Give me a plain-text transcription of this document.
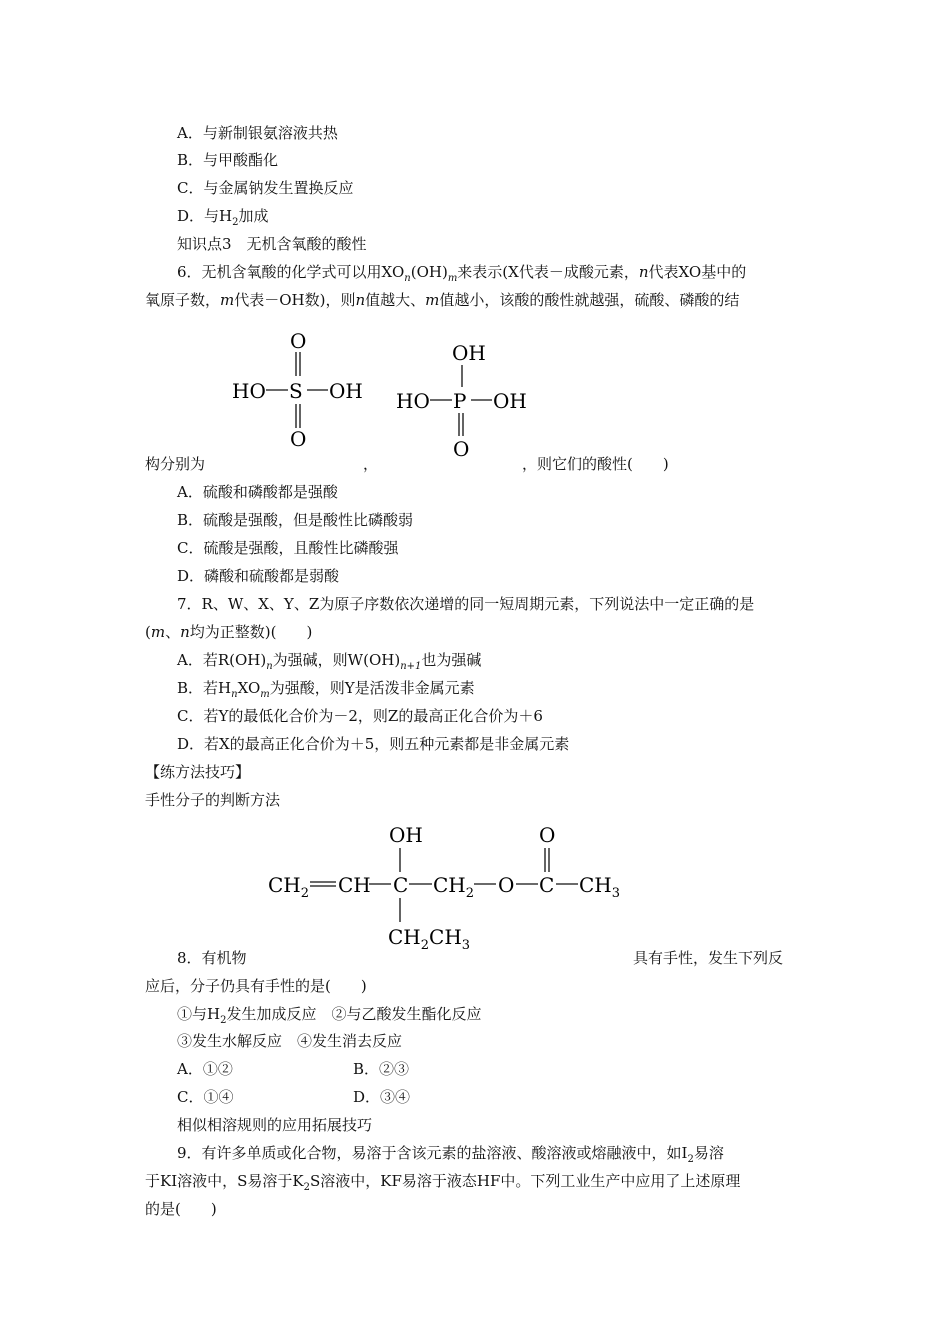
A．与新制银氨溶液共热
B．与甲酸酯化
C．与金属钠发生置换反应
D．与$H_2$加成
知识点3　无机含氧酸的酸性
6．无机含氧酸的化学式可以用$XO_n(OH)_m$来表示(X代表－成酸元素，n代表XO基中的
氧原子数，m代表－OH数)，则n值越大、m值越小，该酸的酸性就越强，硫酸、磷酸的结
O
HO S OH
O
OH
HO P OH
O
构分别为	，	，则它们的酸性(　　)
A．硫酸和磷酸都是强酸
B．硫酸是强酸，但是酸性比磷酸弱
C．硫酸是强酸，且酸性比磷酸强
D．磷酸和硫酸都是弱酸
7．R、W、X、Y、Z为原子序数依次递增的同一短周期元素，下列说法中一定正确的是
(m、n均为正整数)(　　)
A．若$R(OH)_n$为强碱，则$W(OH)_{n+1}$也为强碱
B．若$H_nXO_m$为强酸，则Y是活泼非金属元素
C．若Y的最低化合价为－2，则Z的最高正化合价为＋6
D．若X的最高正化合价为＋5，则五种元素都是非金属元素
【练方法技巧】
手性分子的判断方法
OH	O
$CH_2$ CH C $CH_2$ O C $CH_3$
$CH_2CH_3$
8．有机物	具有手性，发生下列反
应后，分子仍具有手性的是(　　)
①与$H_2$发生加成反应　②与乙酸发生酯化反应
③发生水解反应　④发生消去反应
A．①②	B．②③
C．①④	D．③④
相似相溶规则的应用拓展技巧
9．有许多单质或化合物，易溶于含该元素的盐溶液、酸溶液或熔融液中，如$I_2$易溶
于KI溶液中，S易溶于$K_2S$溶液中，KF易溶于液态HF中。下列工业生产中应用了上述原理
的是(　　)
